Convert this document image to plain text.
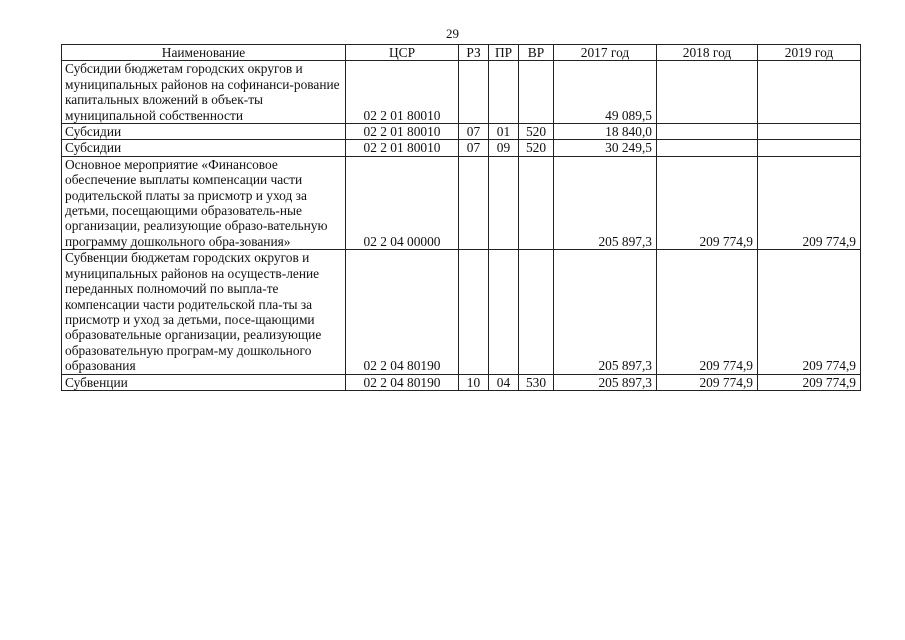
29
Наименование	ЦСР	РЗ	ПР	ВР	2017 год	2018 год	2019 год
Субсидии бюджетам городских округов и муниципальных районов на софинанси-рование капитальных вложений в объек-ты муниципальной собственности	02 2 01 80010				49 089,5		
Субсидии	02 2 01 80010	07	01	520	18 840,0		
Субсидии	02 2 01 80010	07	09	520	30 249,5		
Основное мероприятие «Финансовое обеспечение выплаты компенсации части родительской платы за присмотр и уход за детьми, посещающими образователь-ные организации, реализующие образо-вательную программу дошкольного обра-зования»	02 2 04 00000				205 897,3	209 774,9	209 774,9
Субвенции бюджетам городских округов и муниципальных районов на осуществ-ление переданных полномочий по выпла-те компенсации части родительской пла-ты за присмотр и уход за детьми, посе-щающими образовательные организации, реализующие образовательную програм-му дошкольного образования	02 2 04 80190				205 897,3	209 774,9	209 774,9
Субвенции	02 2 04 80190	10	04	530	205 897,3	209 774,9	209 774,9
